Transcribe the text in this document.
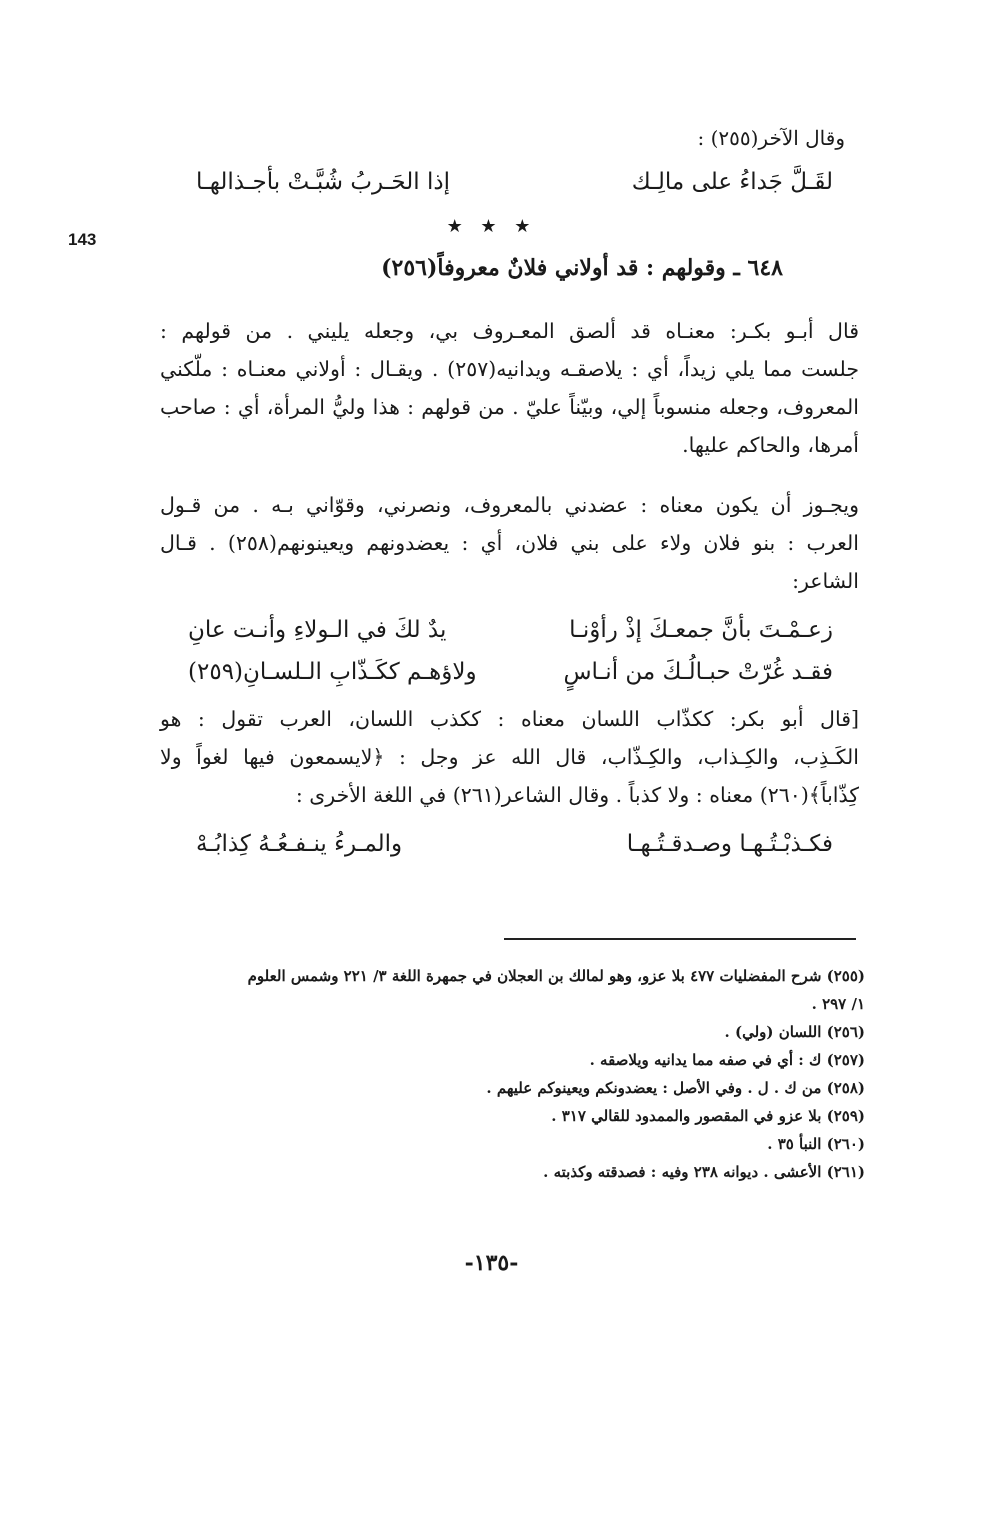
143
وقال الآخر(٢٥٥) :
لقَـلَّ جَداءُ على مالِـك
إذا الحَـربُ شُبَّـتْ بأجـذالهـا
★ ★ ★
٦٤٨ ـ وقولهم : قد أولاني فلانٌ معروفاً(٢٥٦)
قال أبـو بكـر: معنـاه قد ألصق المعـروف بي، وجعله يليني . من قولهم :
جلست مما يلي زيداً، أي : يلاصقـه ويدانيه(٢٥٧) . ويقـال : أولاني معنـاه : ملّكني
المعروف، وجعله منسوباً إلي، وبيّناً عليّ . من قولهم : هذا وليُّ المرأة، أي : صاحب
أمرها، والحاكم عليها.
ويجـوز أن يكون معناه : عضدني بالمعروف، ونصرني، وقوّاني بـه . من قـول
العرب : بنو فلان ولاء على بني فلان، أي : يعضدونهم ويعينونهم(٢٥٨) . قـال
الشاعر:
زعـمْـتَ بأنَّ جمعـكَ إذْ رأوْنـا
يدٌ لكَ في الـولاءِ وأنـت عانِ
فقـد غُرّتْ حبـالُـكَ من أنـاسٍ
ولاؤهـم ككَـذّابِ الـلسـانِ(٢٥٩)
[قال أبو بكر: ككذّاب اللسان معناه : ككذب اللسان، العرب تقول : هو
الكَـذِب، والكِـذاب، والكِـذّاب، قال الله عز وجل : ﴿لايسمعون فيها لغواً ولا
كِذّاباً﴾(٢٦٠) معناه : ولا كذباً . وقال الشاعر(٢٦١) في اللغة الأخرى :
فكـذبْـتُـهـا وصـدقـتُـهـا
والمـرءُ ينـفـعُـهُ كِذابُـهْ
(٢٥٥) شرح المفضليات ٤٧٧ بلا عزو، وهو لمالك بن العجلان في جمهرة اللغة ٣/ ٢٢١ وشمس العلوم
١/ ٢٩٧ .
(٢٥٦) اللسان (ولي) .
(٢٥٧) ك : أي في صفه مما يدانيه ويلاصقه .
(٢٥٨) من ك . ل . وفي الأصل : يعضدونكم ويعينوكم عليهم .
(٢٥٩) بلا عزو في المقصور والممدود للقالي ٣١٧ .
(٢٦٠) النبأ ٣٥ .
(٢٦١) الأعشى . ديوانه ٢٣٨ وفيه : فصدقته وكذبته .
-١٣٥-
